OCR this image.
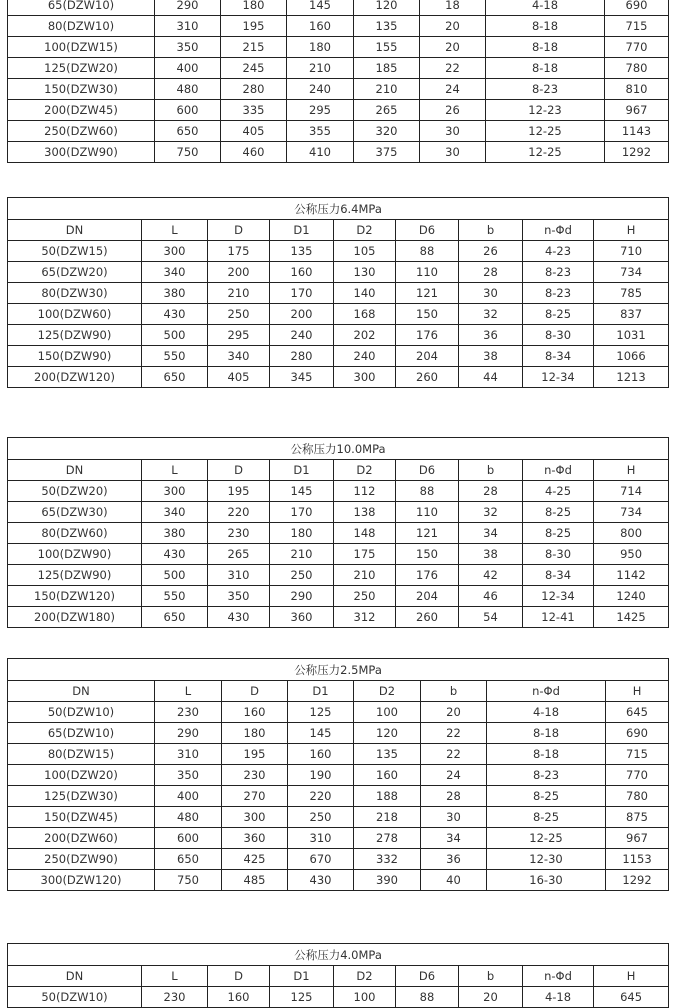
65(DZW10)	290	180	145	120	18	4-18	690
80(DZW10)	310	195	160	135	20	8-18	715
100(DZW15)	350	215	180	155	20	8-18	770
125(DZW20)	400	245	210	185	22	8-18	780
150(DZW30)	480	280	240	210	24	8-23	810
200(DZW45)	600	335	295	265	26	12-23	967
250(DZW60)	650	405	355	320	30	12-25	1143
300(DZW90)	750	460	410	375	30	12-25	1292
公称压力6.4MPa								
DN	L	D	D1	D2	D6	b	n-Φd	H
50(DZW15)	300	175	135	105	88	26	4-23	710
65(DZW20)	340	200	160	130	110	28	8-23	734
80(DZW30)	380	210	170	140	121	30	8-23	785
100(DZW60)	430	250	200	168	150	32	8-25	837
125(DZW90)	500	295	240	202	176	36	8-30	1031
150(DZW90)	550	340	280	240	204	38	8-34	1066
200(DZW120)	650	405	345	300	260	44	12-34	1213
公称压力10.0MPa								
DN	L	D	D1	D2	D6	b	n-Φd	H
50(DZW20)	300	195	145	112	88	28	4-25	714
65(DZW30)	340	220	170	138	110	32	8-25	734
80(DZW60)	380	230	180	148	121	34	8-25	800
100(DZW90)	430	265	210	175	150	38	8-30	950
125(DZW90)	500	310	250	210	176	42	8-34	1142
150(DZW120)	550	350	290	250	204	46	12-34	1240
200(DZW180)	650	430	360	312	260	54	12-41	1425
公称压力2.5MPa							
DN	L	D	D1	D2	b	n-Φd	H
50(DZW10)	230	160	125	100	20	4-18	645
65(DZW10)	290	180	145	120	22	8-18	690
80(DZW15)	310	195	160	135	22	8-18	715
100(DZW20)	350	230	190	160	24	8-23	770
125(DZW30)	400	270	220	188	28	8-25	780
150(DZW45)	480	300	250	218	30	8-25	875
200(DZW60)	600	360	310	278	34	12-25	967
250(DZW90)	650	425	670	332	36	12-30	1153
300(DZW120)	750	485	430	390	40	16-30	1292
公称压力4.0MPa								
DN	L	D	D1	D2	D6	b	n-Φd	H
50(DZW10)	230	160	125	100	88	20	4-18	645
